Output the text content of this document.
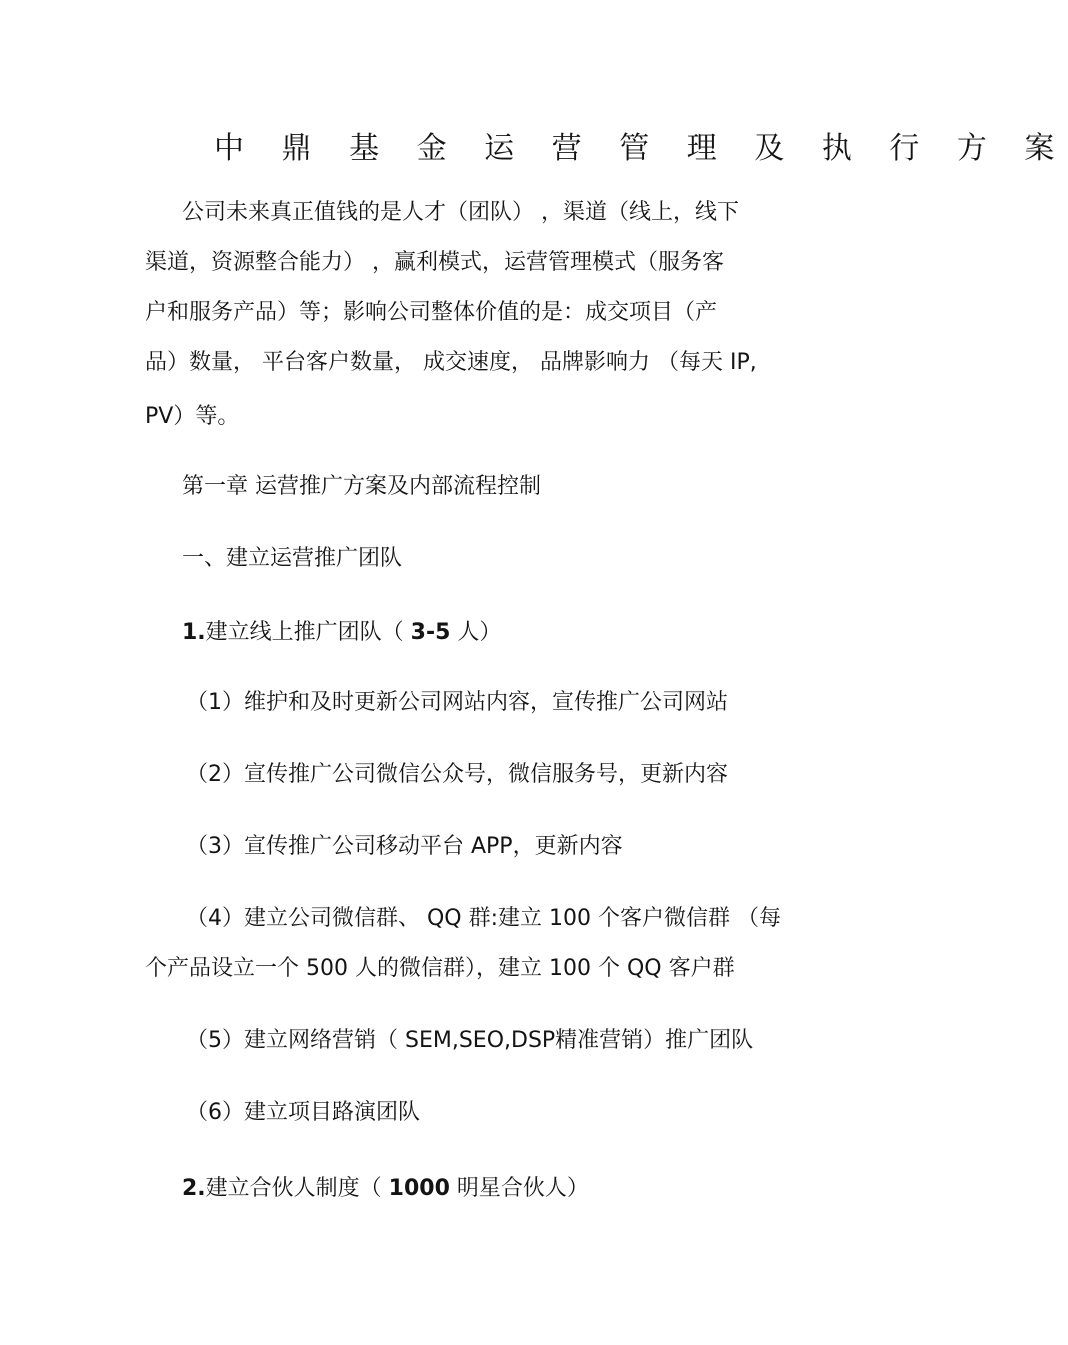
中 鼎 基 金 运 营 管 理 及 执 行 方 案
公司未来真正值钱的是人才（团队） ，渠道（线上，线下
渠道，资源整合能力） ，赢利模式，运营管理模式（服务客
户和服务产品）等；影响公司整体价值的是：成交项目（产
品）数量， 平台客户数量， 成交速度， 品牌影响力 （每天 IP,
PV）等。
第一章 运营推广方案及内部流程控制
一、建立运营推广团队
1.建立线上推广团队（ 3-5 人）
（1）维护和及时更新公司网站内容，宣传推广公司网站
（2）宣传推广公司微信公众号，微信服务号，更新内容
（3）宣传推广公司移动平台 APP，更新内容
（4）建立公司微信群、 QQ 群:建立 100 个客户微信群 （每
个产品设立一个 500 人的微信群），建立 100 个 QQ 客户群
（5）建立网络营销（ SEM,SEO,DSP精准营销）推广团队
（6）建立项目路演团队
2.建立合伙人制度（ 1000 明星合伙人）
